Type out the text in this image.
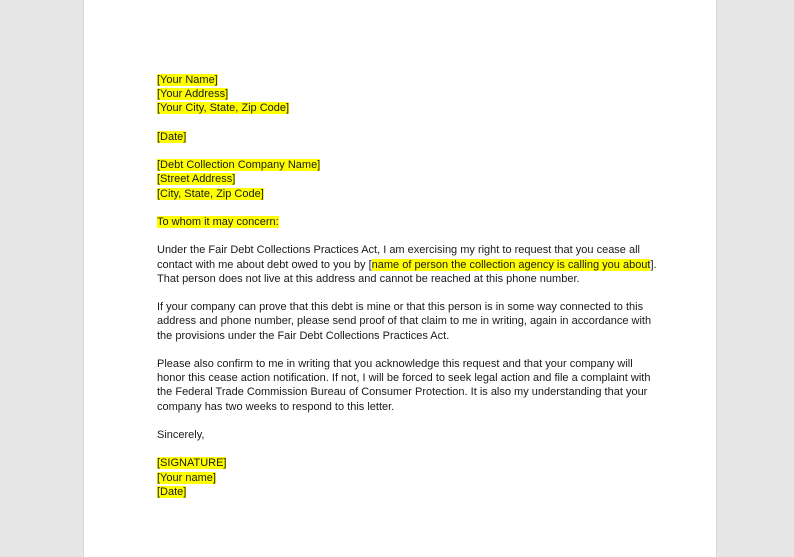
[Your Name]
[Your Address]
[Your City, State, Zip Code]
[Date]
[Debt Collection Company Name]
[Street Address]
[City, State, Zip Code]
To whom it may concern:
Under the Fair Debt Collections Practices Act, I am exercising my right to request that you cease all
contact with me about debt owed to you by [name of person the collection agency is calling you about].
That person does not live at this address and cannot be reached at this phone number.
If your company can prove that this debt is mine or that this person is in some way connected to this
address and phone number, please send proof of that claim to me in writing, again in accordance with
the provisions under the Fair Debt Collections Practices Act.
Please also confirm to me in writing that you acknowledge this request and that your company will
honor this cease action notification. If not, I will be forced to seek legal action and file a complaint with
the Federal Trade Commission Bureau of Consumer Protection. It is also my understanding that your
company has two weeks to respond to this letter.
Sincerely,
[SIGNATURE]
[Your name]
[Date]
